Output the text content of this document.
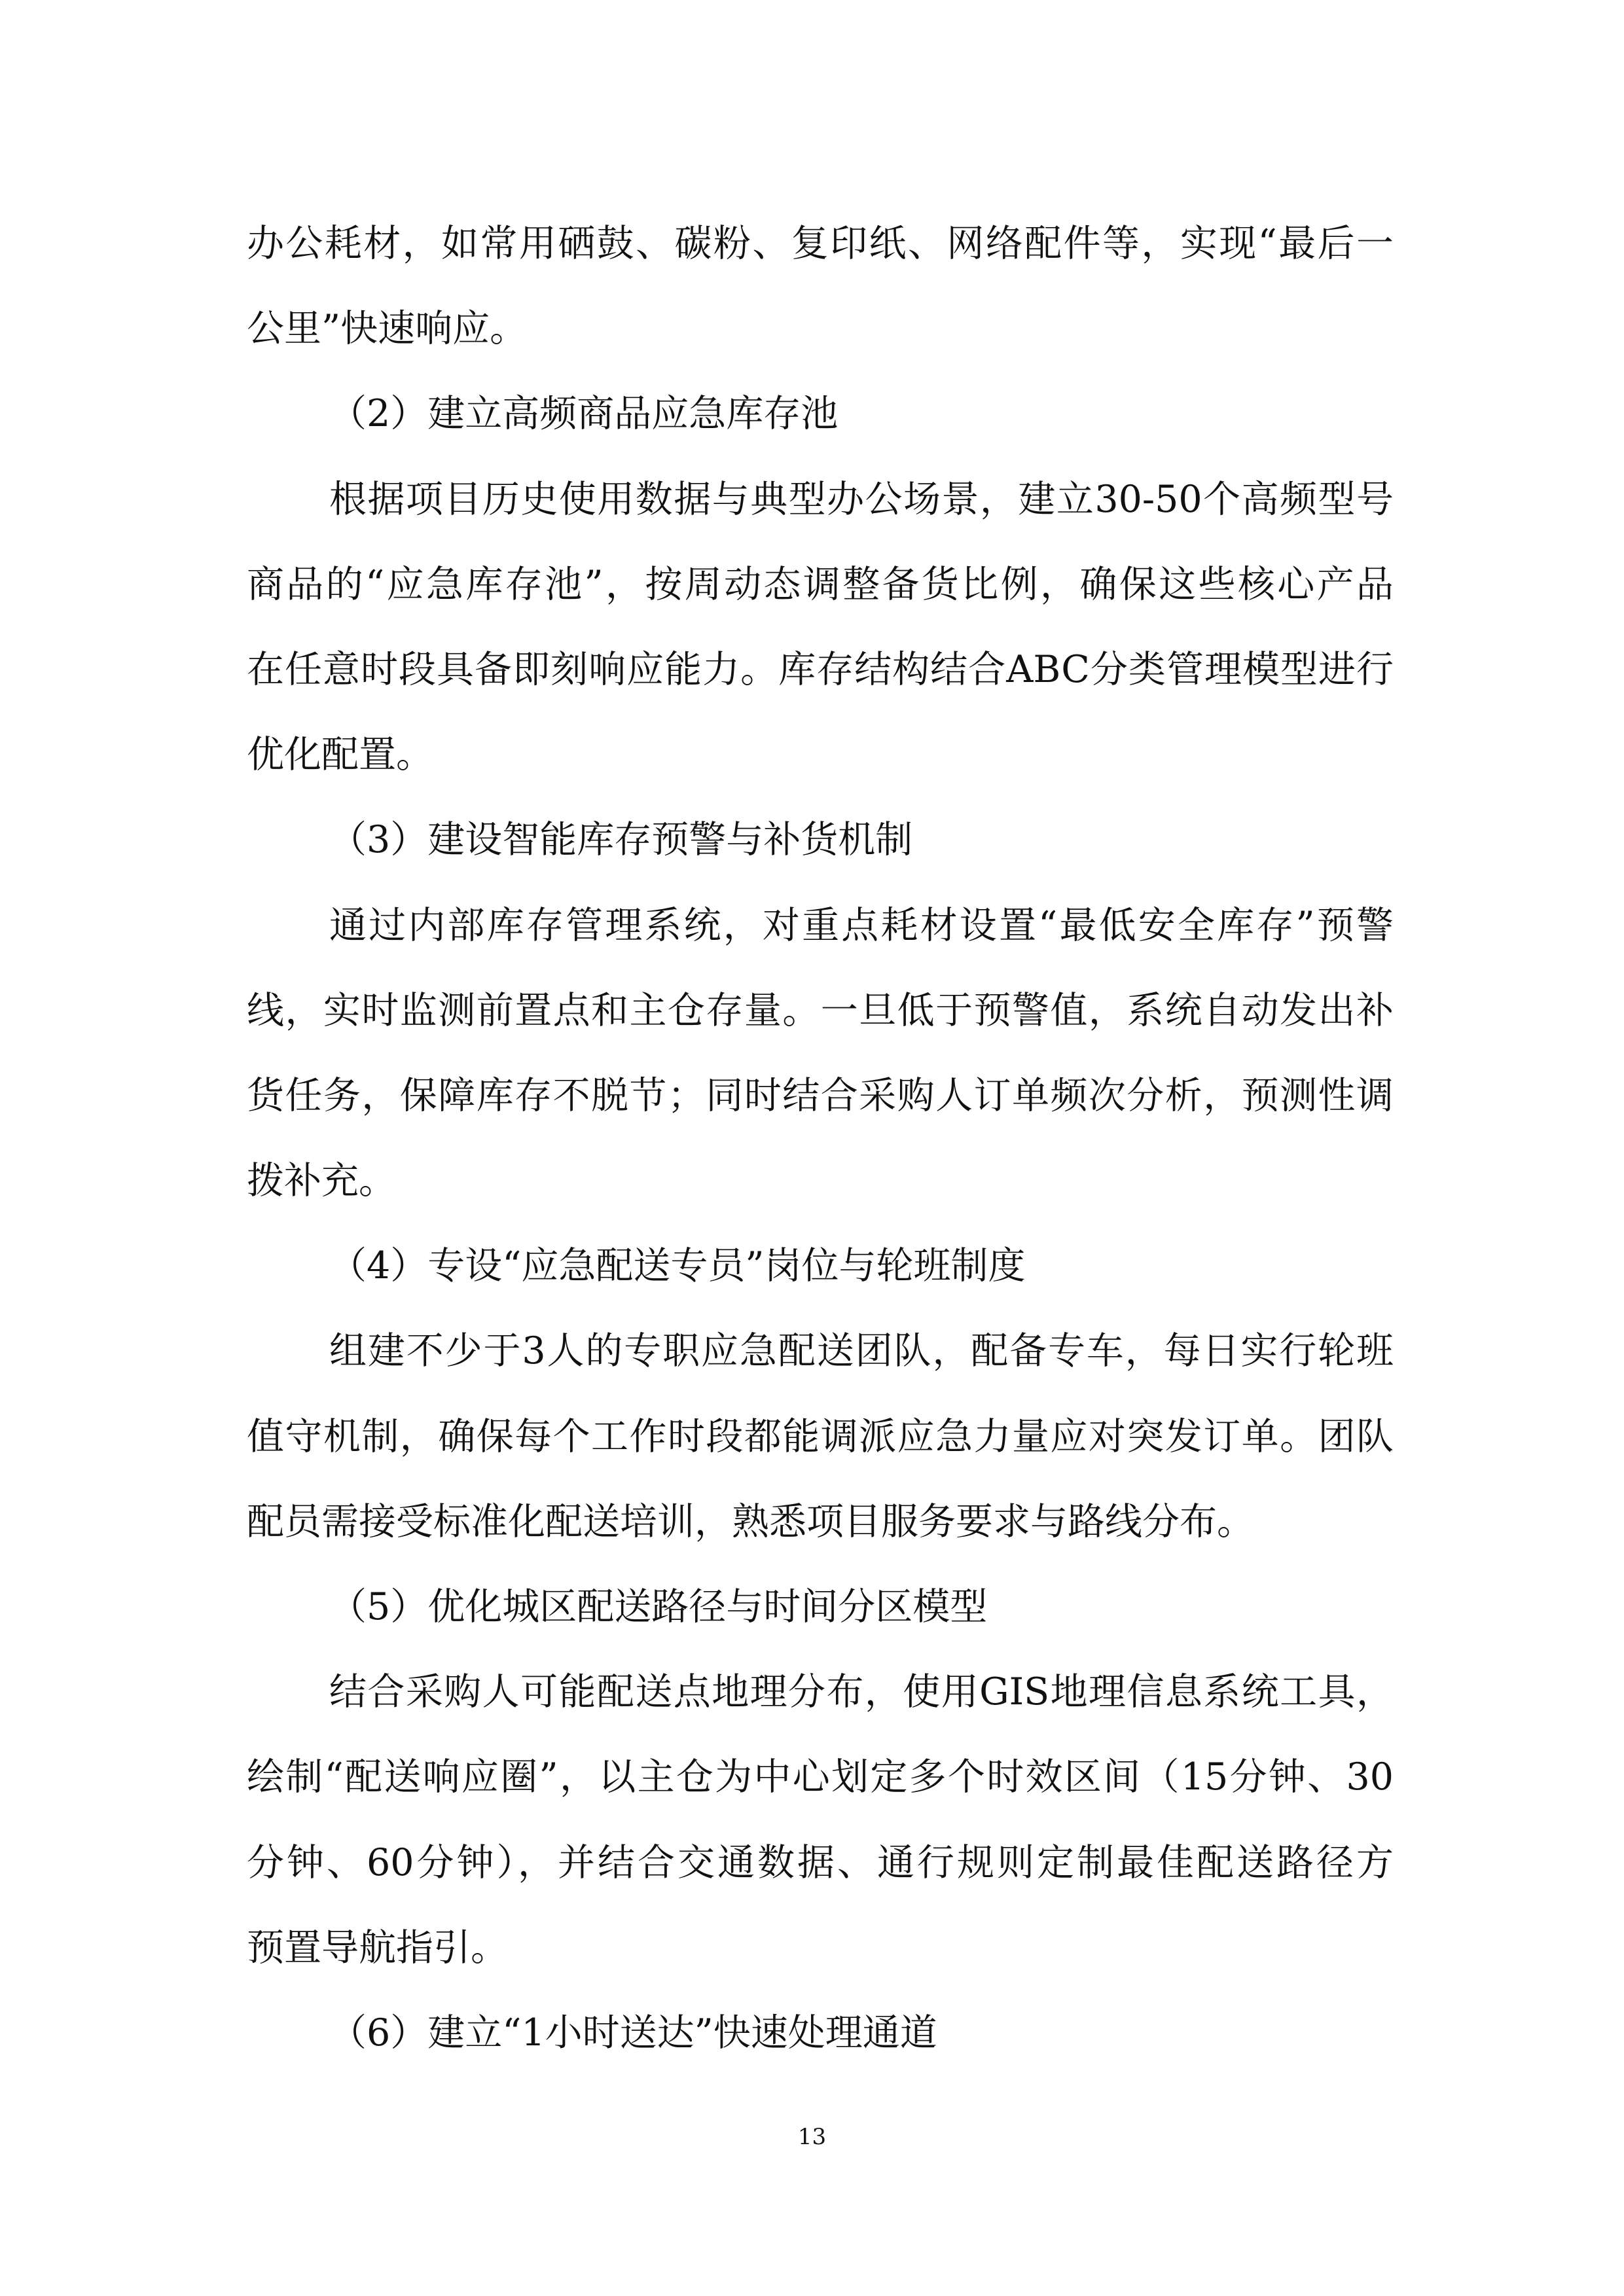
办公耗材，如常用硒鼓、碳粉、复印纸、网络配件等，实现“最后一
公里”快速响应。
（2）建立高频商品应急库存池
根据项目历史使用数据与典型办公场景，建立30-50个高频型号
商品的“应急库存池”，按周动态调整备货比例，确保这些核心产品
在任意时段具备即刻响应能力。库存结构结合ABC分类管理模型进行
优化配置。
（3）建设智能库存预警与补货机制
通过内部库存管理系统，对重点耗材设置“最低安全库存”预警
线，实时监测前置点和主仓存量。一旦低于预警值，系统自动发出补
货任务，保障库存不脱节；同时结合采购人订单频次分析，预测性调
拨补充。
（4）专设“应急配送专员”岗位与轮班制度
组建不少于3人的专职应急配送团队，配备专车，每日实行轮班
值守机制，确保每个工作时段都能调派应急力量应对突发订单。团队
配员需接受标准化配送培训，熟悉项目服务要求与路线分布。
（5）优化城区配送路径与时间分区模型
结合采购人可能配送点地理分布，使用GIS地理信息系统工具，
绘制“配送响应圈”，以主仓为中心划定多个时效区间（15分钟、30
分钟、60分钟），并结合交通数据、通行规则定制最佳配送路径方
预置导航指引。
（6）建立“1小时送达”快速处理通道
13
